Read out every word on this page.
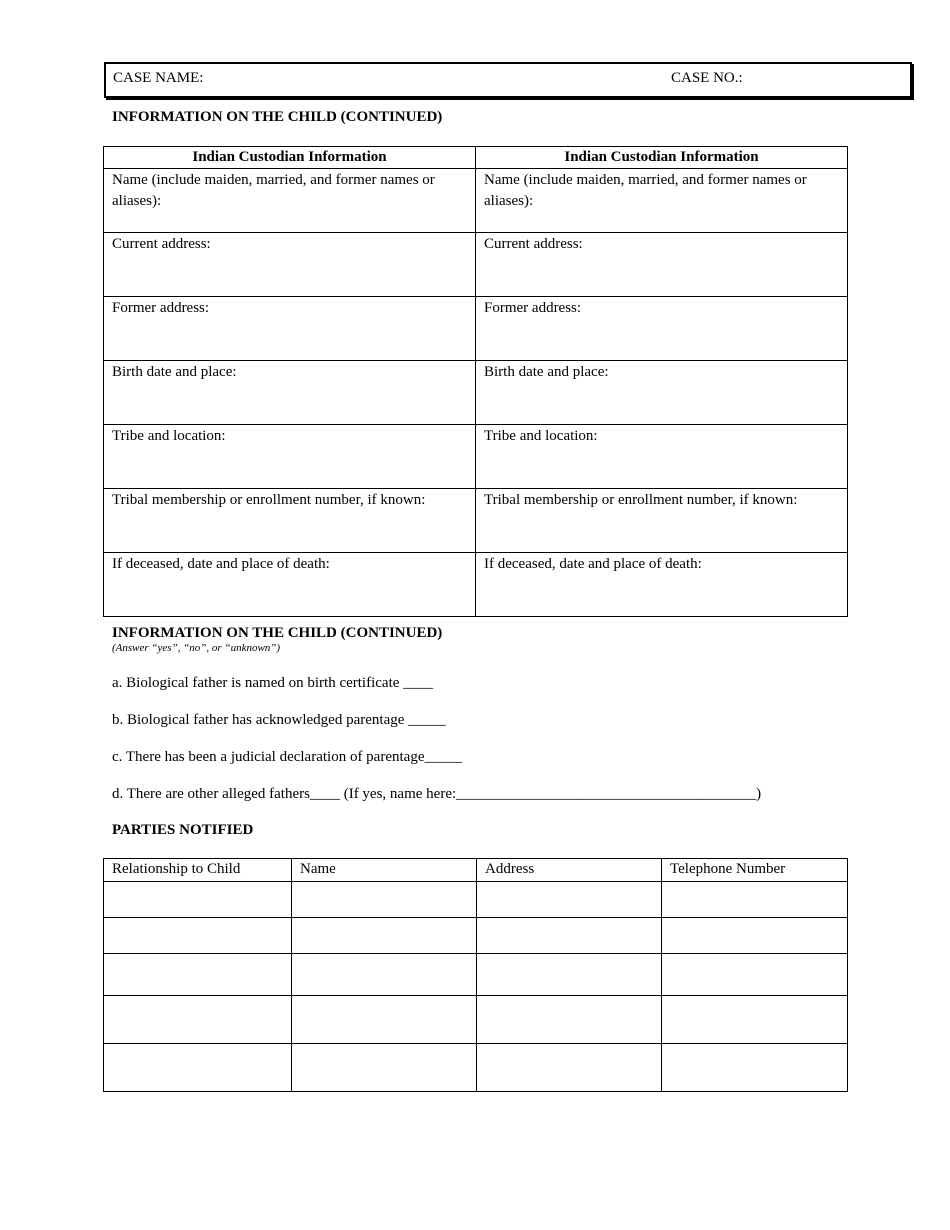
CASE NAME:	CASE NO.:
INFORMATION ON THE CHILD (CONTINUED)
Indian Custodian Information	Indian Custodian Information
Name (include maiden, married, and former names or aliases):	Name (include maiden, married, and former names or aliases):
Current address:	Current address:
Former address:	Former address:
Birth date and place:	Birth date and place:
Tribe and location:	Tribe and location:
Tribal membership or enrollment number, if known:	Tribal membership or enrollment number, if known:
If deceased, date and place of death:	If deceased, date and place of death:
INFORMATION ON THE CHILD (CONTINUED)
(Answer “yes”, “no”, or “unknown”)
a. Biological father is named on birth certificate ____
b. Biological father has acknowledged parentage _____
c. There has been a judicial declaration of parentage_____
d. There are other alleged fathers____ (If yes, name here:________________________________________)
PARTIES NOTIFIED
Relationship to Child	Name	Address	Telephone Number
